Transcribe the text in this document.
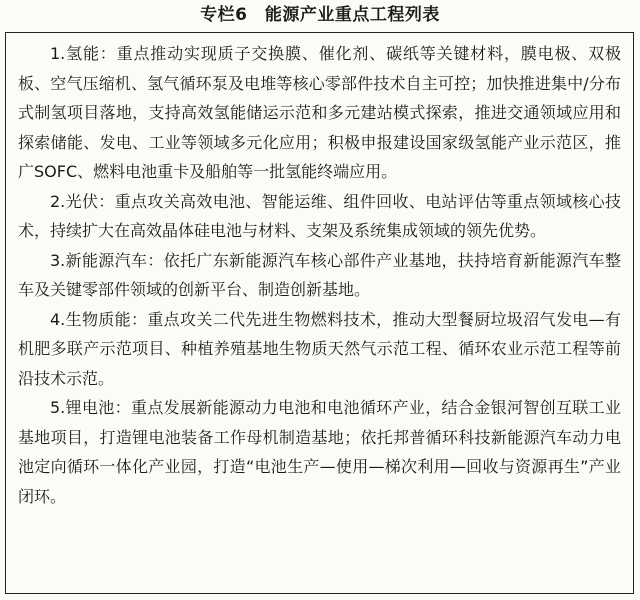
专栏6　能源产业重点工程列表

1.氢能：重点推动实现质子交换膜、催化剂、碳纸等关键材料，膜电极、双极板、空气压缩机、氢气循环泵及电堆等核心零部件技术自主可控；加快推进集中/分布式制氢项目落地，支持高效氢能储运示范和多元建站模式探索，推进交通领域应用和探索储能、发电、工业等领域多元化应用；积极申报建设国家级氢能产业示范区，推广SOFC、燃料电池重卡及船舶等一批氢能终端应用。

2.光伏：重点攻关高效电池、智能运维、组件回收、电站评估等重点领域核心技术，持续扩大在高效晶体硅电池与材料、支架及系统集成领域的领先优势。

3.新能源汽车：依托广东新能源汽车核心部件产业基地，扶持培育新能源汽车整车及关键零部件领域的创新平台、制造创新基地。

4.生物质能：重点攻关二代先进生物燃料技术，推动大型餐厨垃圾沼气发电—有机肥多联产示范项目、种植养殖基地生物质天然气示范工程、循环农业示范工程等前沿技术示范。

5.锂电池：重点发展新能源动力电池和电池循环产业，结合金银河智创互联工业基地项目，打造锂电池装备工作母机制造基地；依托邦普循环科技新能源汽车动力电池定向循环一体化产业园，打造“电池生产—使用—梯次利用—回收与资源再生”产业闭环。
